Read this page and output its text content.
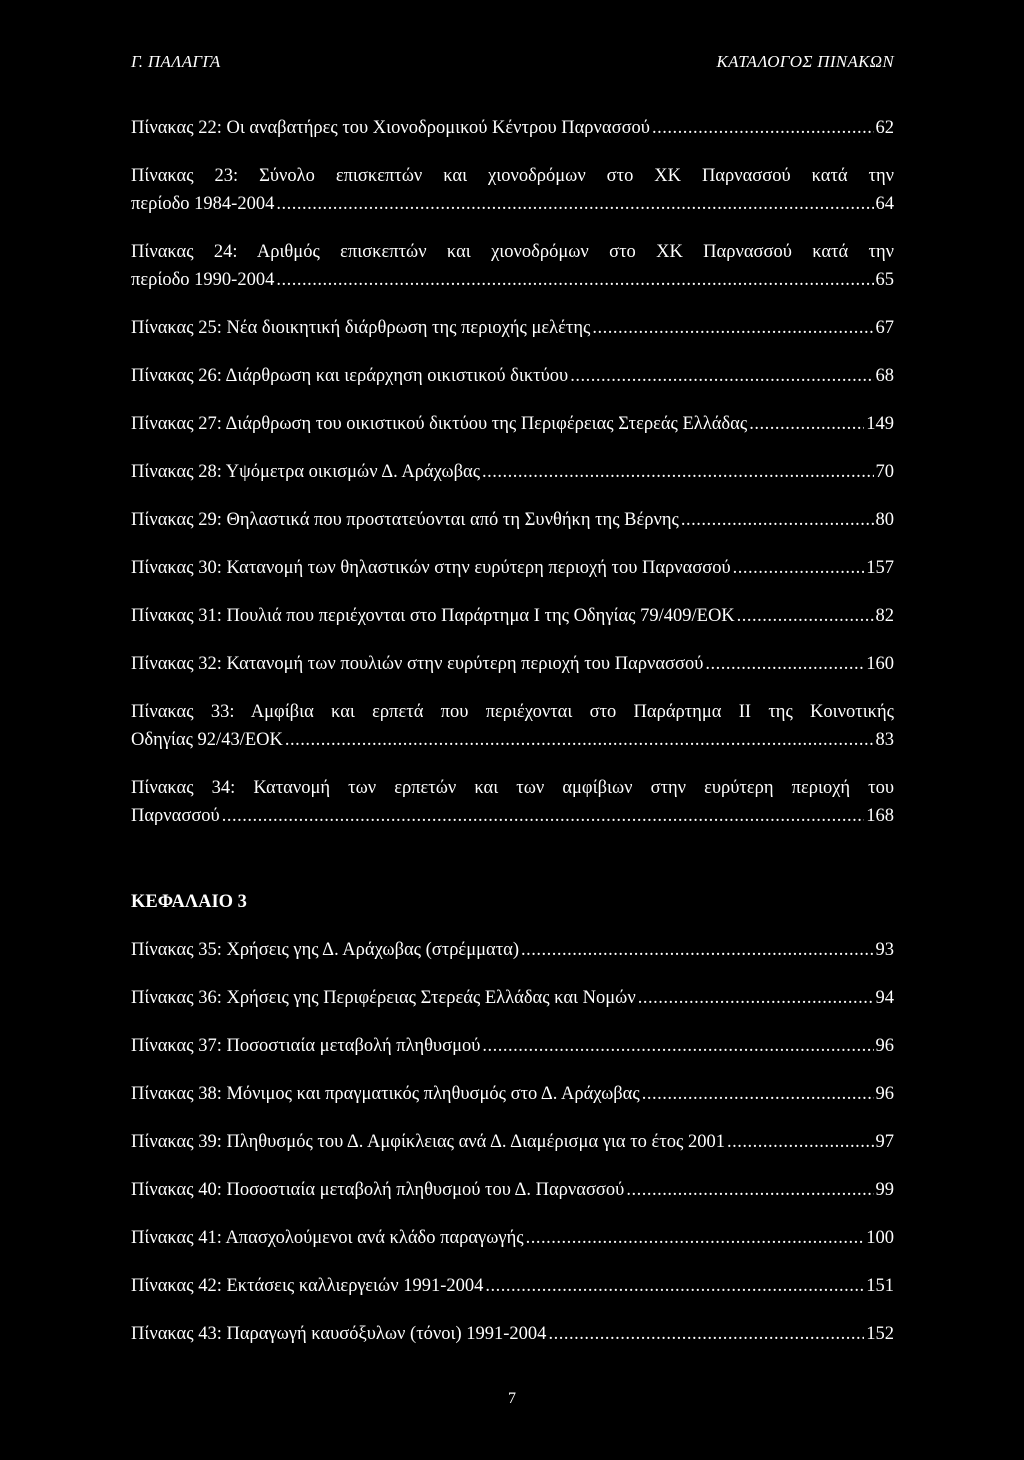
Γ. ΠΑΛΑΓΓΑ	ΚΑΤΑΛΟΓΟΣ ΠΙΝΑΚΩΝ
Πίνακας 22: Οι αναβατήρες του Χιονοδρομικού Κέντρου Παρνασσού .....	62
Πίνακας 23: Σύνολο επισκεπτών και χιονοδρόμων στο ΧΚ Παρνασσού κατά την
περίοδο 1984-2004 .....	64
Πίνακας 24: Αριθμός επισκεπτών και χιονοδρόμων στο ΧΚ Παρνασσού κατά την
περίοδο 1990-2004 .....	65
Πίνακας 25: Νέα διοικητική διάρθρωση της περιοχής μελέτης .....	67
Πίνακας 26: Διάρθρωση και ιεράρχηση οικιστικού δικτύου .....	68
Πίνακας 27: Διάρθρωση του οικιστικού δικτύου της Περιφέρειας Στερεάς Ελλάδας .....	149
Πίνακας 28: Υψόμετρα οικισμών Δ. Αράχωβας .....	70
Πίνακας 29: Θηλαστικά που προστατεύονται από τη Συνθήκη της Βέρνης .....	80
Πίνακας 30: Κατανομή των θηλαστικών στην ευρύτερη περιοχή του Παρνασσού .....	157
Πίνακας 31: Πουλιά που περιέχονται στο Παράρτημα Ι της Οδηγίας 79/409/ΕΟΚ .....	82
Πίνακας 32: Κατανομή των πουλιών στην ευρύτερη περιοχή του Παρνασσού .....	160
Πίνακας 33: Αμφίβια και ερπετά που περιέχονται στο Παράρτημα ΙΙ της Κοινοτικής
Οδηγίας 92/43/ΕΟΚ .....	83
Πίνακας 34: Κατανομή των ερπετών και των αμφίβιων στην ευρύτερη περιοχή του
Παρνασσού .....	168
ΚΕΦΑΛΑΙΟ 3
Πίνακας 35: Χρήσεις γης Δ. Αράχωβας (στρέμματα) .....	93
Πίνακας 36: Χρήσεις γης Περιφέρειας Στερεάς Ελλάδας και Νομών .....	94
Πίνακας 37: Ποσοστιαία μεταβολή πληθυσμού .....	96
Πίνακας 38: Μόνιμος και πραγματικός πληθυσμός στο Δ. Αράχωβας .....	96
Πίνακας 39: Πληθυσμός του Δ. Αμφίκλειας ανά Δ. Διαμέρισμα για το έτος 2001 .....	97
Πίνακας 40: Ποσοστιαία μεταβολή πληθυσμού του Δ. Παρνασσού .....	99
Πίνακας 41: Απασχολούμενοι ανά κλάδο παραγωγής .....	100
Πίνακας 42: Εκτάσεις καλλιεργειών 1991-2004 .....	151
Πίνακας 43: Παραγωγή καυσόξυλων (τόνοι) 1991-2004 .....	152
7
